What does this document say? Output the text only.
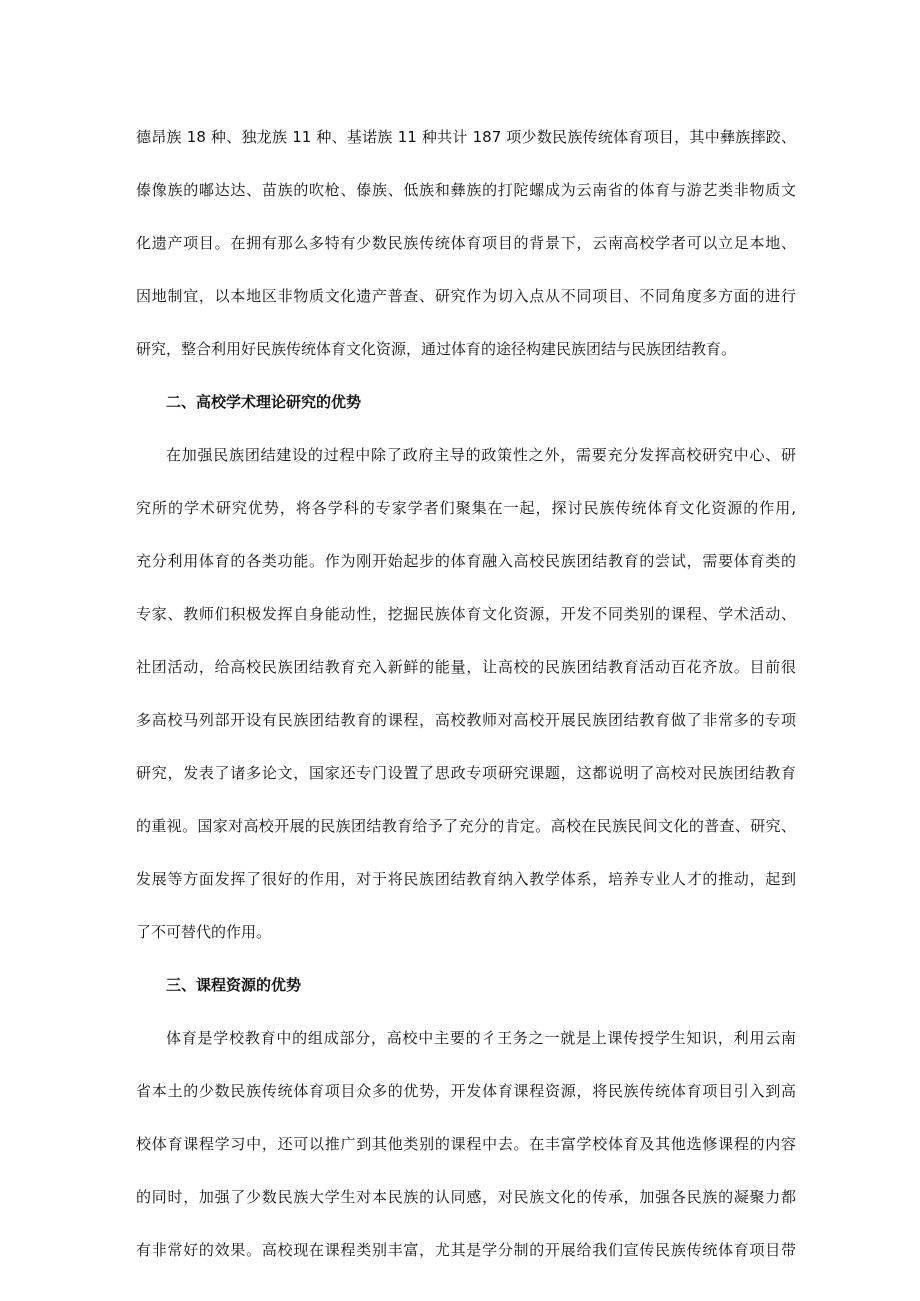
德昂族 18 种、独龙族 11 种、基诺族 11 种共计 187 项少数民族传统体育项目，其中彝族摔跤、
傣像族的嘟达达、苗族的吹枪、傣族、低族和彝族的打陀螺成为云南省的体育与游艺类非物质文
化遗产项目。在拥有那么多特有少数民族传统体育项目的背景下，云南高校学者可以立足本地、
因地制宜，以本地区非物质文化遗产普查、研究作为切入点从不同项目、不同角度多方面的进行
研究，整合利用好民族传统体育文化资源，通过体育的途径构建民族团结与民族团结教育。
二、高校学术理论研究的优势
在加强民族团结建设的过程中除了政府主导的政策性之外，需要充分发挥高校研究中心、研
究所的学术研究优势，将各学科的专家学者们聚集在一起，探讨民族传统体育文化资源的作用,
充分利用体育的各类功能。作为刚开始起步的体育融入高校民族团结教育的尝试，需要体育类的
专家、教师们积极发挥自身能动性，挖掘民族体育文化资源，开发不同类别的课程、学术活动、
社团活动，给高校民族团结教育充入新鲜的能量，让高校的民族团结教育活动百花齐放。目前很
多高校马列部开设有民族团结教育的课程，高校教师对高校开展民族团结教育做了非常多的专项
研究，发表了诸多论文，国家还专门设置了思政专项研究课题，这都说明了高校对民族团结教育
的重视。国家对高校开展的民族团结教育给予了充分的肯定。高校在民族民间文化的普查、研究、
发展等方面发挥了很好的作用，对于将民族团结教育纳入教学体系，培养专业人才的推动，起到
了不可替代的作用。
三、课程资源的优势
体育是学校教育中的组成部分，高校中主要的彳王务之一就是上课传授学生知识，利用云南
省本土的少数民族传统体育项目众多的优势，开发体育课程资源，将民族传统体育项目引入到高
校体育课程学习中，还可以推广到其他类别的课程中去。在丰富学校体育及其他选修课程的内容
的同时，加强了少数民族大学生对本民族的认同感，对民族文化的传承，加强各民族的凝聚力都
有非常好的效果。高校现在课程类别丰富，尤其是学分制的开展给我们宣传民族传统体育项目带
